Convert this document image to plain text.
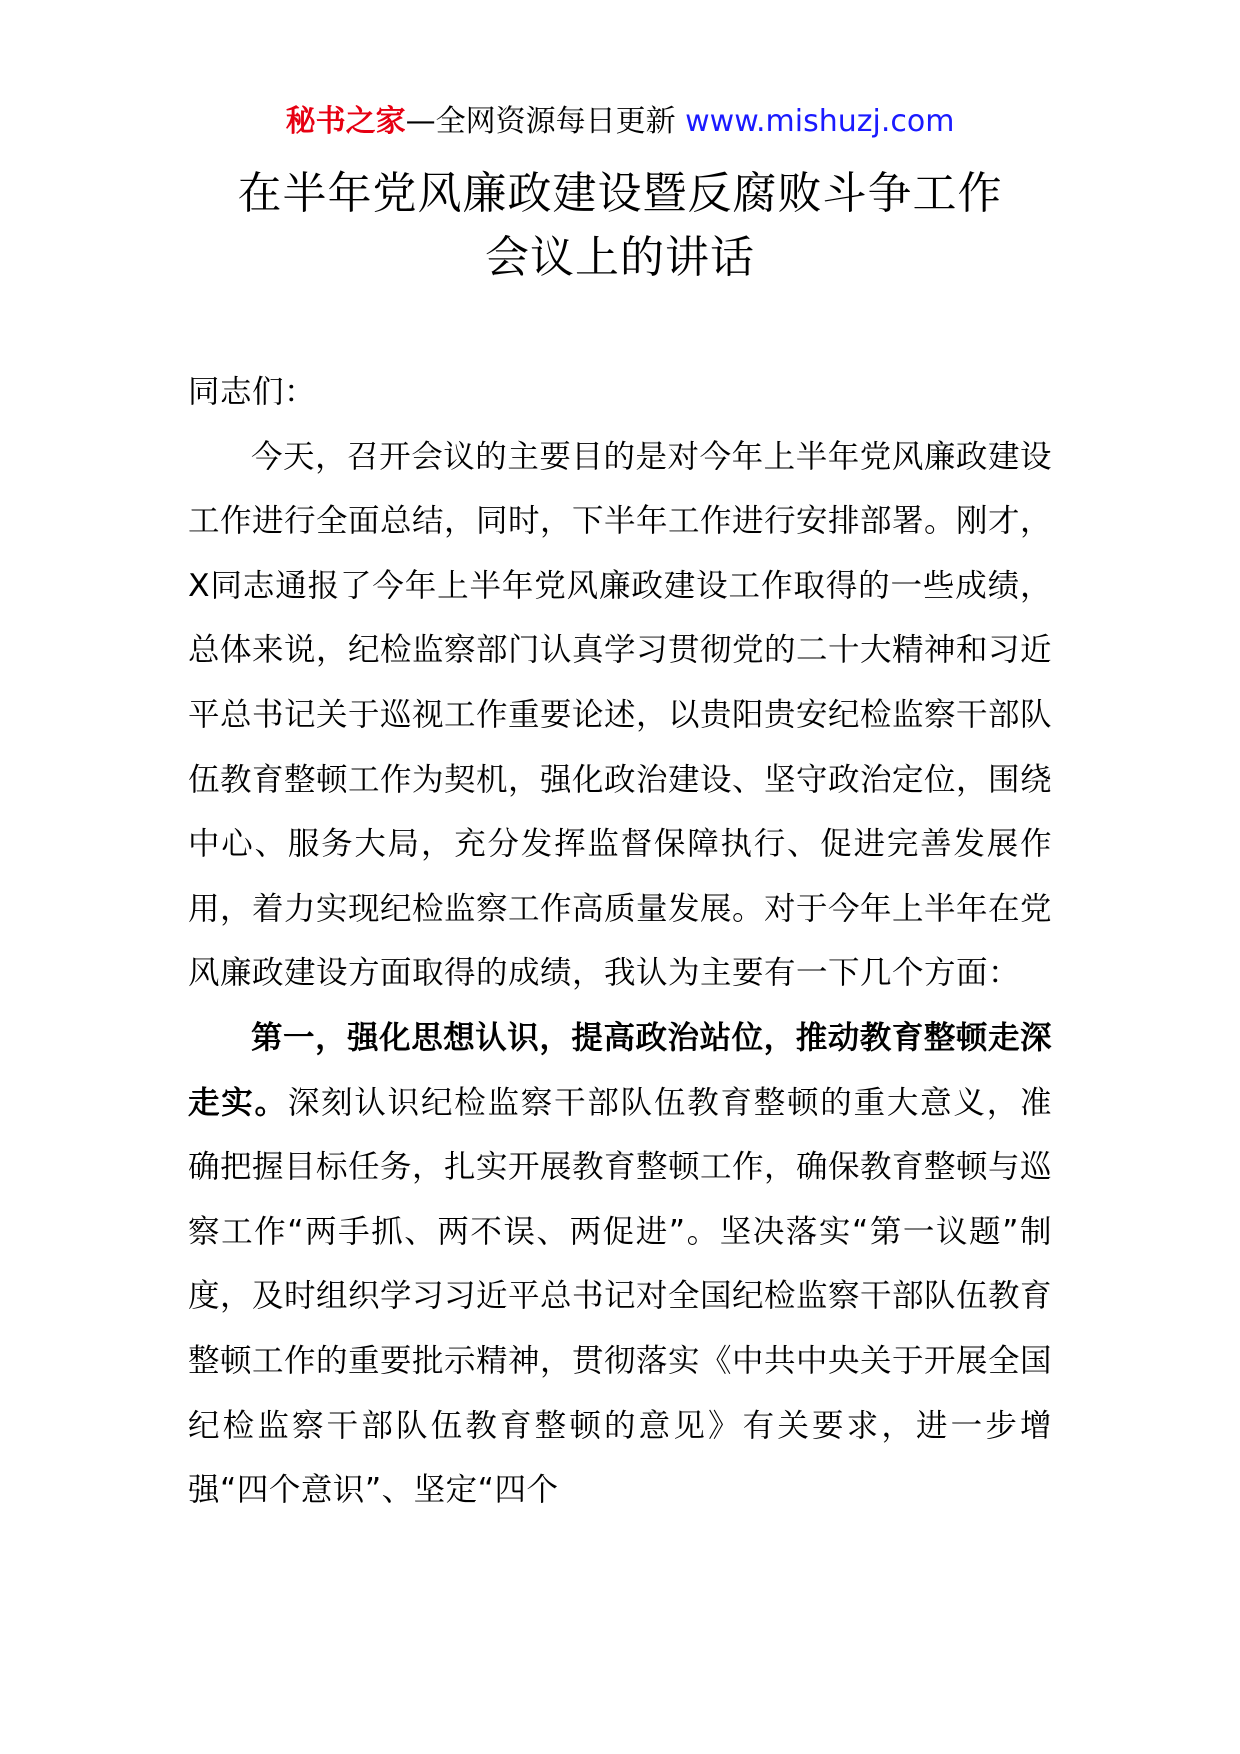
秘书之家—全网资源每日更新 www.mishuzj.com
在半年党风廉政建设暨反腐败斗争工作
会议上的讲话

同志们：

今天，召开会议的主要目的是对今年上半年党风廉政建设工作进行全面总结，同时，下半年工作进行安排部署。刚才，X同志通报了今年上半年党风廉政建设工作取得的一些成绩，总体来说，纪检监察部门认真学习贯彻党的二十大精神和习近平总书记关于巡视工作重要论述，以贵阳贵安纪检监察干部队伍教育整顿工作为契机，强化政治建设、坚守政治定位，围绕中心、服务大局，充分发挥监督保障执行、促进完善发展作用，着力实现纪检监察工作高质量发展。对于今年上半年在党风廉政建设方面取得的成绩，我认为主要有一下几个方面：

第一，强化思想认识，提高政治站位，推动教育整顿走深走实。深刻认识纪检监察干部队伍教育整顿的重大意义，准确把握目标任务，扎实开展教育整顿工作，确保教育整顿与巡察工作“两手抓、两不误、两促进”。坚决落实“第一议题”制度，及时组织学习习近平总书记对全国纪检监察干部队伍教育整顿工作的重要批示精神，贯彻落实《中共中央关于开展全国纪检监察干部队伍教育整顿的意见》有关要求，进一步增强“四个意识”、坚定“四个
